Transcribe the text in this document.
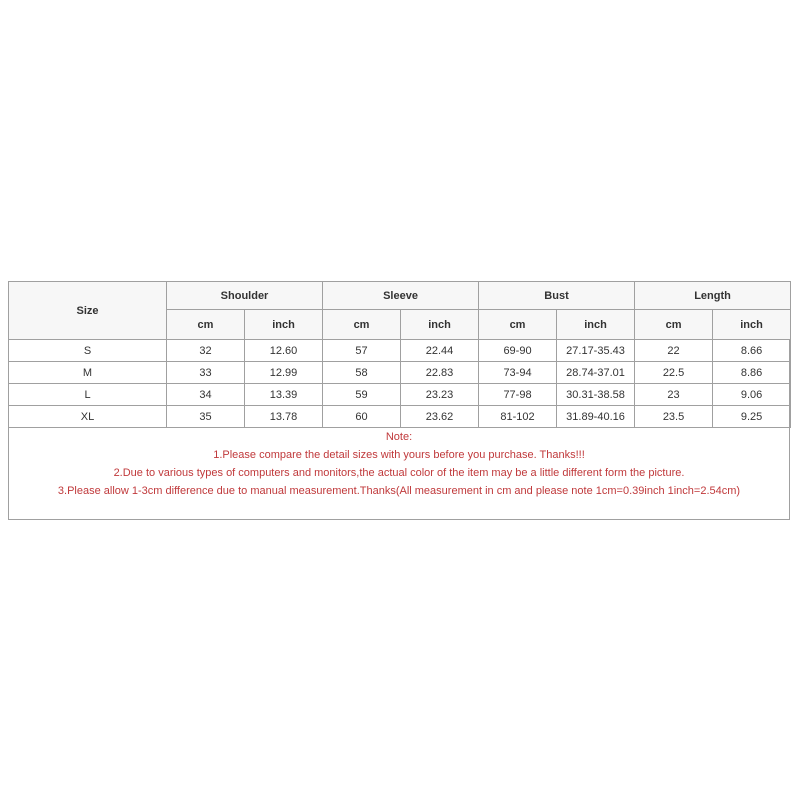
Size	Shoulder		Sleeve		Bust		Length	
	cm	inch	cm	inch	cm	inch	cm	inch
S	32	12.60	57	22.44	69-90	27.17-35.43	22	8.66
M	33	12.99	58	22.83	73-94	28.74-37.01	22.5	8.86
L	34	13.39	59	23.23	77-98	30.31-38.58	23	9.06
XL	35	13.78	60	23.62	81-102	31.89-40.16	23.5	9.25
Note:
1.Please compare the detail sizes with yours before you purchase. Thanks!!!
2.Due to various types of computers and monitors,the actual color of the item may be a little different form the picture.
3.Please allow 1-3cm difference due to manual measurement.Thanks(All measurement in cm and please note 1cm=0.39inch 1inch=2.54cm)
